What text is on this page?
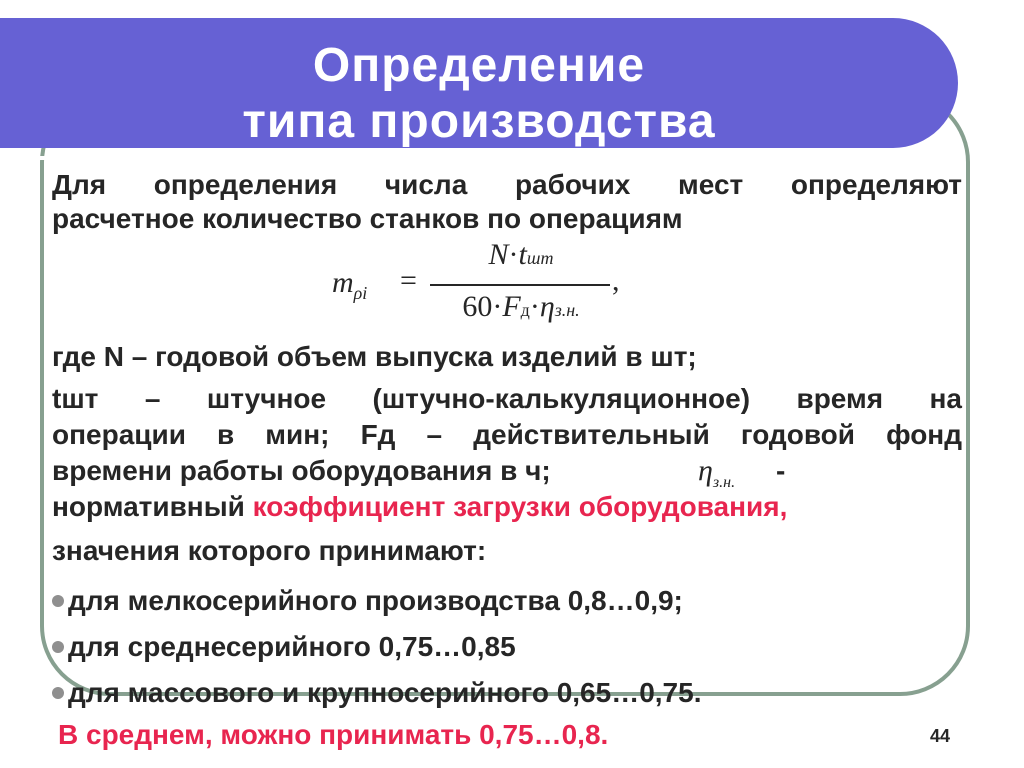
Определение
типа производства
Для определения числа рабочих мест определяют
расчетное количество станков по операциям
$m_{\rho i}$ =
N·tшт
60·Fд·ηз.н.
,
где N – годовой объем выпуска изделий в шт;
tшт – штучное (штучно-калькуляционное) время на
операции в мин; Fд – действительный годовой фонд
времени работы оборудования в ч;	$\eta_{з.н.}$ -
нормативный коэффициент загрузки оборудования,
значения которого принимают:
для мелкосерийного производства 0,8…0,9;
для среднесерийного 0,75…0,85
для массового и крупносерийного 0,65…0,75.
В среднем, можно принимать 0,75…0,8.	44
